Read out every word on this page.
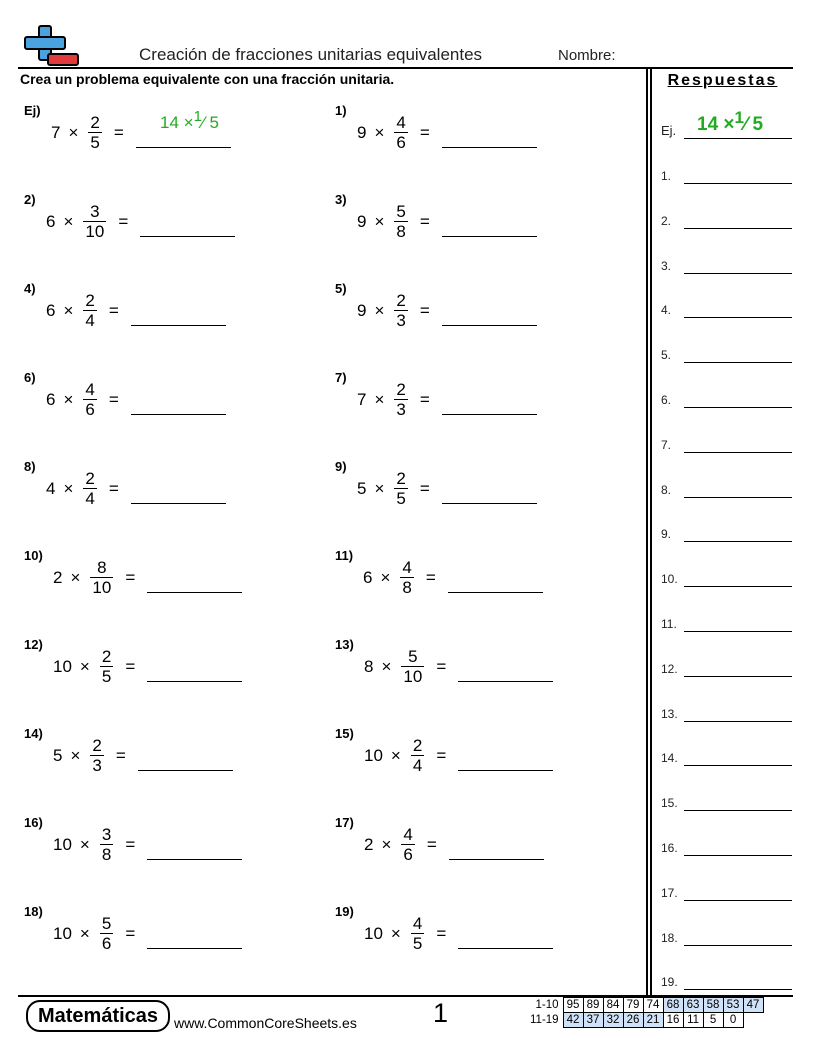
Creación de fracciones unitarias equivalentes	Nombre:
Crea un problema equivalente con una fracción unitaria.	Respuestas
Ej)
$7 \times \frac{2}{5}$ =
1)
$9 \times \frac{4}{6}$ =
2)
$6 \times \frac{3}{10}$ =
3)
$9 \times \frac{5}{8}$ =
4)
$6 \times \frac{2}{4}$ =
5)
$9 \times \frac{2}{3}$ =
6)
$6 \times \frac{4}{6}$ =
7)
$7 \times \frac{2}{3}$ =
8)
$4 \times \frac{2}{4}$ =
9)
$5 \times \frac{2}{5}$ =
10)
$2 \times \frac{8}{10}$ =
11)
$6 \times \frac{4}{8}$ =
12)
$10 \times \frac{2}{5}$ =
13)
$8 \times \frac{5}{10}$ =
14)
$5 \times \frac{2}{3}$ =
15)
$10 \times \frac{2}{4}$ =
16)
$10 \times \frac{3}{8}$ =
17)
$2 \times \frac{4}{6}$ =
18)
$10 \times \frac{5}{6}$ =
19)
$10 \times \frac{4}{5}$ =
14 ×$^1$⁄ 5	Ej. 14 ×$^1$⁄ 5
1.
2.
3.
4.
5.
6.
7.
8.
9.
10.
11.
12.
13.
14.
15.
16.
17.
18.
19.
Matemáticas	www.CommonCoreSheets.es	1	1-10	95	89	84	79	74	68	63	58	53	47
11-19	42	37	32	26	21	16	11	5	0	
